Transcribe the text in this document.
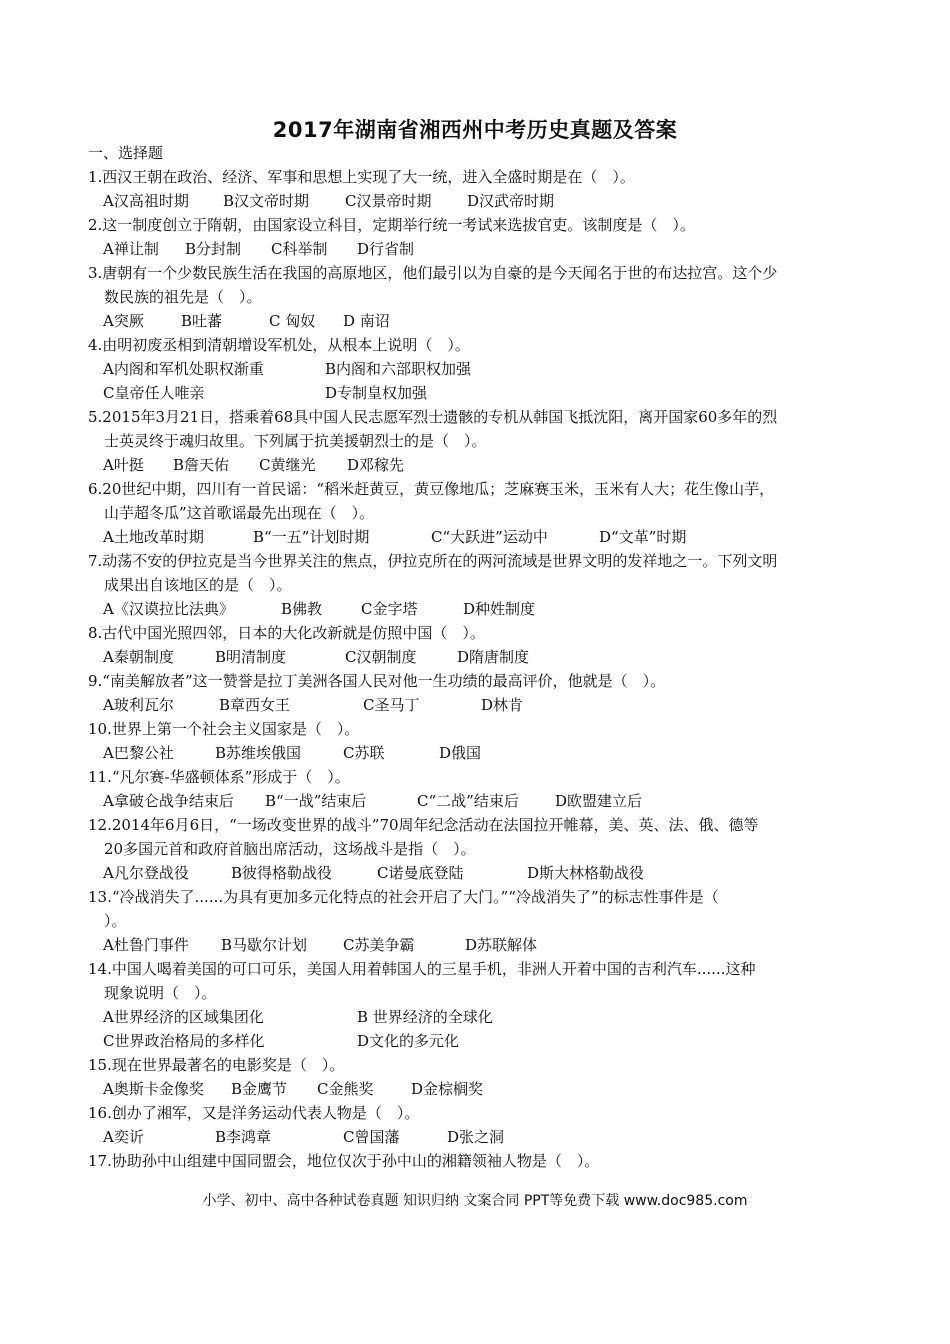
2017年湖南省湘西州中考历史真题及答案
一、选择题
1.西汉王朝在政治、经济、军事和思想上实现了大一统，进入全盛时期是在（　）。
A汉高祖时期	B汉文帝时期	C汉景帝时期	D汉武帝时期
2.这一制度创立于隋朝，由国家设立科目，定期举行统一考试来选拔官吏。该制度是（　）。
A禅让制	B分封制	C科举制	D行省制
3.唐朝有一个少数民族生活在我国的高原地区，他们最引以为自豪的是今天闻名于世的布达拉宫。这个少
数民族的祖先是（　）。
A突厥	B吐蕃	C 匈奴	D 南诏
4.由明初废丞相到清朝增设军机处，从根本上说明（　）。
A内阁和军机处职权渐重	B内阁和六部职权加强
C皇帝任人唯亲	D专制皇权加强
5.2015年3月21日，搭乘着68具中国人民志愿军烈士遗骸的专机从韩国飞抵沈阳，离开国家60多年的烈
士英灵终于魂归故里。下列属于抗美援朝烈士的是（　）。
A叶挺	B詹天佑	C黄继光	D邓稼先
6.20世纪中期，四川有一首民谣：“稻米赶黄豆，黄豆像地瓜；芝麻赛玉米，玉米有人大；花生像山芋，
山芋超冬瓜”这首歌谣最先出现在（　）。
A土地改革时期	B“一五”计划时期	C“大跃进”运动中	D“文革”时期
7.动荡不安的伊拉克是当今世界关注的焦点，伊拉克所在的两河流域是世界文明的发祥地之一。下列文明
成果出自该地区的是（　）。
A《汉谟拉比法典》	B佛教	C金字塔	D种姓制度
8.古代中国光照四邻，日本的大化改新就是仿照中国（　）。
A秦朝制度	B明清制度	C汉朝制度	D隋唐制度
9.“南美解放者”这一赞誉是拉丁美洲各国人民对他一生功绩的最高评价，他就是（　）。
A玻利瓦尔	B章西女王	C圣马丁	D林肯
10.世界上第一个社会主义国家是（　）。
A巴黎公社	B苏维埃俄国	C苏联	D俄国
11.“凡尔赛-华盛顿体系”形成于（　）。
A拿破仑战争结束后	B“一战”结束后	C“二战”结束后	D欧盟建立后
12.2014年6月6日，“一场改变世界的战斗”70周年纪念活动在法国拉开帷幕，美、英、法、俄、德等
20多国元首和政府首脑出席活动，这场战斗是指（　）。
A凡尔登战役	B彼得格勒战役	C诺曼底登陆	D斯大林格勒战役
13.“冷战消失了......为具有更加多元化特点的社会开启了大门。”“冷战消失了”的标志性事件是（
）。
A杜鲁门事件	B马歇尔计划	C苏美争霸	D苏联解体
14.中国人喝着美国的可口可乐，美国人用着韩国人的三星手机，非洲人开着中国的吉利汽车......这种
现象说明（　）。
A世界经济的区域集团化	B 世界经济的全球化
C世界政治格局的多样化	D文化的多元化
15.现在世界最著名的电影奖是（　）。
A奥斯卡金像奖	B金鹰节	C金熊奖	D金棕榈奖
16.创办了湘军，又是洋务运动代表人物是（　）。
A奕䜣	B李鸿章	C曾国藩	D张之洞
17.协助孙中山组建中国同盟会，地位仅次于孙中山的湘籍领袖人物是（　）。
小学、初中、高中各种试卷真题 知识归纳 文案合同 PPT等免费下载 www.doc985.com
